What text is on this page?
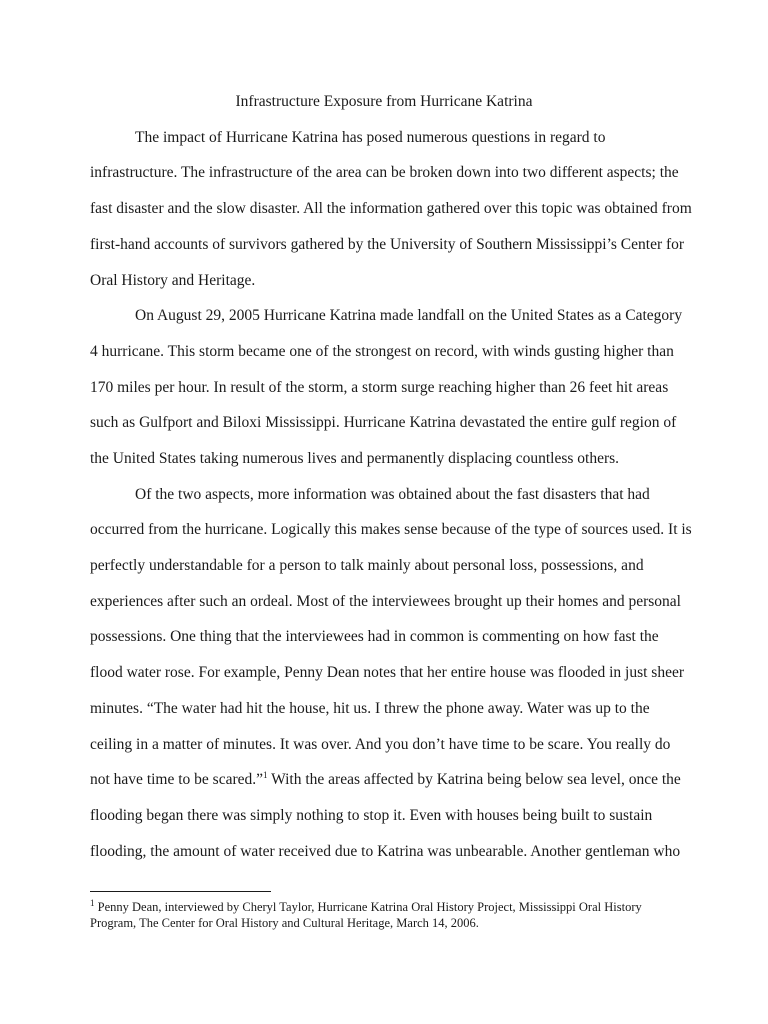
Infrastructure Exposure from Hurricane Katrina
The impact of Hurricane Katrina has posed numerous questions in regard to
infrastructure. The infrastructure of the area can be broken down into two different aspects; the
fast disaster and the slow disaster. All the information gathered over this topic was obtained from
first-hand accounts of survivors gathered by the University of Southern Mississippi’s Center for
Oral History and Heritage.
On August 29, 2005 Hurricane Katrina made landfall on the United States as a Category
4 hurricane. This storm became one of the strongest on record, with winds gusting higher than
170 miles per hour. In result of the storm, a storm surge reaching higher than 26 feet hit areas
such as Gulfport and Biloxi Mississippi. Hurricane Katrina devastated the entire gulf region of
the United States taking numerous lives and permanently displacing countless others.
Of the two aspects, more information was obtained about the fast disasters that had
occurred from the hurricane. Logically this makes sense because of the type of sources used. It is
perfectly understandable for a person to talk mainly about personal loss, possessions, and
experiences after such an ordeal. Most of the interviewees brought up their homes and personal
possessions. One thing that the interviewees had in common is commenting on how fast the
flood water rose. For example, Penny Dean notes that her entire house was flooded in just sheer
minutes. “The water had hit the house, hit us. I threw the phone away. Water was up to the
ceiling in a matter of minutes. It was over. And you don’t have time to be scare. You really do
not have time to be scared.”$^1$ With the areas affected by Katrina being below sea level, once the
flooding began there was simply nothing to stop it. Even with houses being built to sustain
flooding, the amount of water received due to Katrina was unbearable. Another gentleman who
$^1$ Penny Dean, interviewed by Cheryl Taylor, Hurricane Katrina Oral History Project, Mississippi Oral History
Program, The Center for Oral History and Cultural Heritage, March 14, 2006.
